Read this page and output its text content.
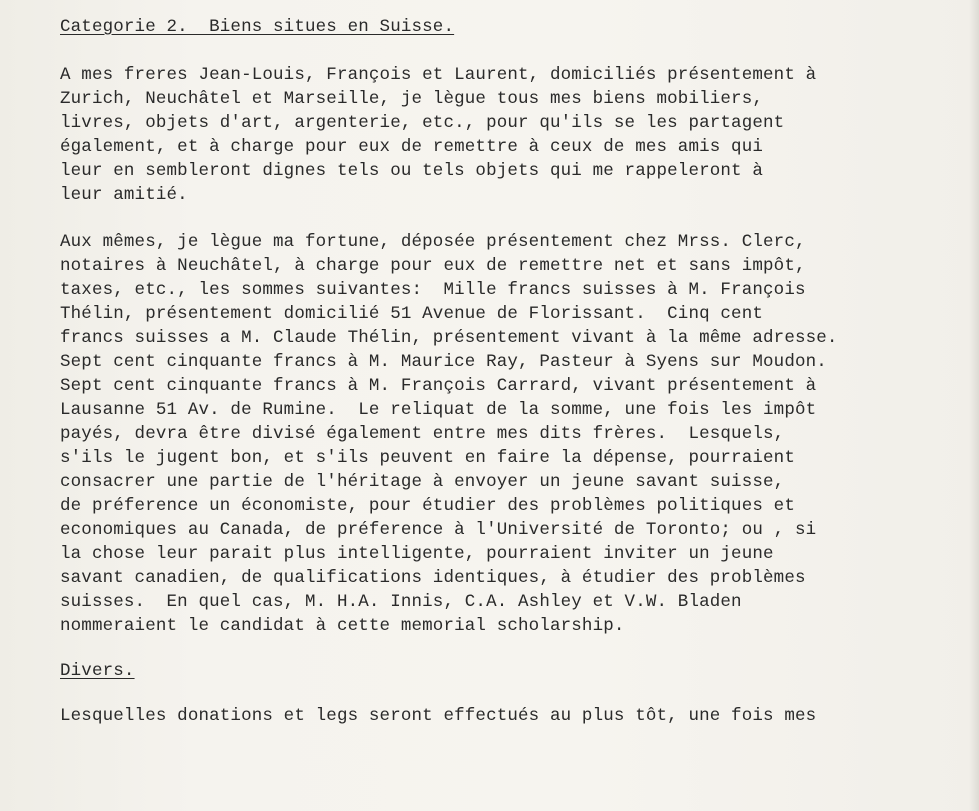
Categorie 2.  Biens situes en Suisse.

A mes freres Jean-Louis, François et Laurent, domiciliés présentement à

Zurich, Neuchâtel et Marseille, je lègue tous mes biens mobiliers,

livres, objets d'art, argenterie, etc., pour qu'ils se les partagent

également, et à charge pour eux de remettre à ceux de mes amis qui

leur en sembleront dignes tels ou tels objets qui me rappeleront à

leur amitié.

Aux mêmes, je lègue ma fortune, déposée présentement chez Mrss. Clerc,

notaires à Neuchâtel, à charge pour eux de remettre net et sans impôt,

taxes, etc., les sommes suivantes:  Mille francs suisses à M. François

Thélin, présentement domicilié 51 Avenue de Florissant.  Cinq cent

francs suisses a M. Claude Thélin, présentement vivant à la même adresse.

Sept cent cinquante francs à M. Maurice Ray, Pasteur à Syens sur Moudon.

Sept cent cinquante francs à M. François Carrard, vivant présentement à

Lausanne 51 Av. de Rumine.  Le reliquat de la somme, une fois les impôt

payés, devra être divisé également entre mes dits frères.  Lesquels,

s'ils le jugent bon, et s'ils peuvent en faire la dépense, pourraient

consacrer une partie de l'héritage à envoyer un jeune savant suisse,

de préference un économiste, pour étudier des problèmes politiques et

economiques au Canada, de préference à l'Université de Toronto; ou , si

la chose leur parait plus intelligente, pourraient inviter un jeune

savant canadien, de qualifications identiques, à étudier des problèmes

suisses.  En quel cas, M. H.A. Innis, C.A. Ashley et V.W. Bladen

nommeraient le candidat à cette memorial scholarship.

Divers.

Lesquelles donations et legs seront effectués au plus tôt, une fois mes
